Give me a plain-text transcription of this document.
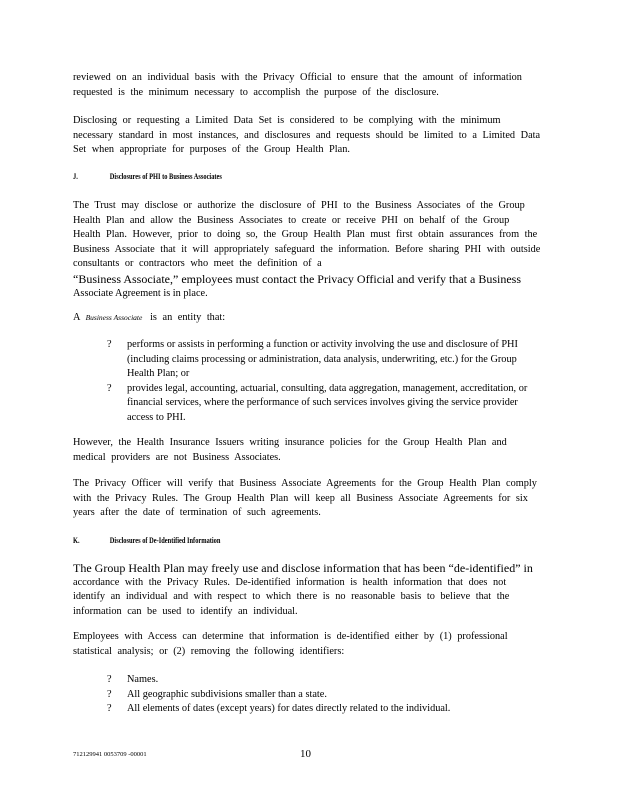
reviewed on an individual basis with the Privacy Official to ensure that the amount of information requested is the minimum necessary to accomplish the purpose of the disclosure.

Disclosing or requesting a Limited Data Set is considered to be complying with the minimum necessary standard in most instances, and disclosures and requests should be limited to a Limited Data Set when appropriate for purposes of the Group Health Plan.

J.	Disclosures of PHI to Business Associates
The Trust may disclose or authorize the disclosure of PHI to the Business Associates of the Group Health Plan and allow the Business Associates to create or receive PHI on behalf of the Group Health Plan. However, prior to doing so, the Group Health Plan must first obtain assurances from the Business Associate that it will appropriately safeguard the information. Before sharing PHI with outside consultants or contractors who meet the definition of a
“Business Associate,” employees must contact the Privacy Official and verify that a Business
Associate Agreement is in place.

A Business Associate is an entity that:

? performs or assists in performing a function or activity involving the use and disclosure of PHI (including claims processing or administration, data analysis, underwriting, etc.) for the Group Health Plan; or
? provides legal, accounting, actuarial, consulting, data aggregation, management, accreditation, or financial services, where the performance of such services involves giving the service provider access to PHI.

However, the Health Insurance Issuers writing insurance policies for the Group Health Plan and medical providers are not Business Associates.

The Privacy Officer will verify that Business Associate Agreements for the Group Health Plan comply with the Privacy Rules. The Group Health Plan will keep all Business Associate Agreements for six years after the date of termination of such agreements.

K.	Disclosures of De-Identified Information
The Group Health Plan may freely use and disclose information that has been “de-identified” in
accordance with the Privacy Rules. De-identified information is health information that does not identify an individual and with respect to which there is no reasonable basis to believe that the information can be used to identify an individual.

Employees with Access can determine that information is de-identified either by (1) professional statistical analysis; or (2) removing the following identifiers:

? Names.
? All geographic subdivisions smaller than a state.
? All elements of dates (except years) for dates directly related to the individual.
712129941 0053709 -00001	10
